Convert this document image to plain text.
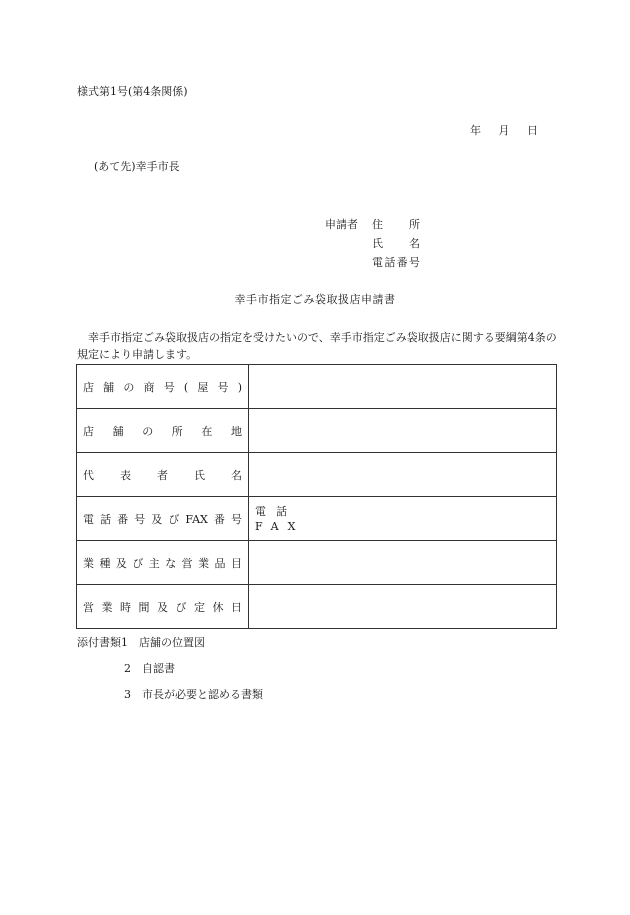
様式第1号(第4条関係)
年 月 日
(あて先)幸手市長
申請者 住所
氏名
電話番号
幸手市指定ごみ袋取扱店申請書
幸手市指定ごみ袋取扱店の指定を受けたいので、幸手市指定ごみ袋取扱店に関する要綱第4条の規定により申請します。
店舗の商号(屋号)	

店舗の所在地	

代表者氏名	

電話番号及びFAX番号	電話
FAX

業種及び主な営業品目	

営業時間及び定休日	

添付書類1 店舗の位置図
2 自認書
3 市長が必要と認める書類
